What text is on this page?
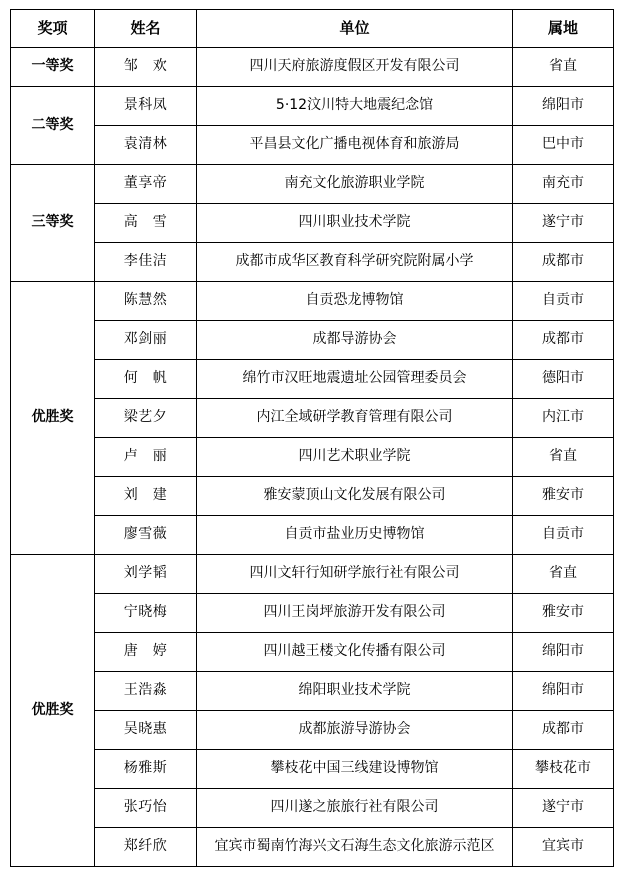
奖项	姓名	单位	属地
一等奖	邹　欢	四川天府旅游度假区开发有限公司	省直
二等奖	景科凤	5·12汶川特大地震纪念馆	绵阳市
	袁清林	平昌县文化广播电视体育和旅游局	巴中市
三等奖	董享帝	南充文化旅游职业学院	南充市
	高　雪	四川职业技术学院	遂宁市
	李佳洁	成都市成华区教育科学研究院附属小学	成都市
优胜奖	陈慧然	自贡恐龙博物馆	自贡市
	邓剑丽	成都导游协会	成都市
	何　帆	绵竹市汉旺地震遗址公园管理委员会	德阳市
	梁艺夕	内江全域研学教育管理有限公司	内江市
	卢　丽	四川艺术职业学院	省直
	刘　建	雅安蒙顶山文化发展有限公司	雅安市
	廖雪薇	自贡市盐业历史博物馆	自贡市
优胜奖	刘学韬	四川文轩行知研学旅行社有限公司	省直
	宁晓梅	四川王岗坪旅游开发有限公司	雅安市
	唐　婷	四川越王楼文化传播有限公司	绵阳市
	王浩淼	绵阳职业技术学院	绵阳市
	吴晓惠	成都旅游导游协会	成都市
	杨雅斯	攀枝花中国三线建设博物馆	攀枝花市
	张巧怡	四川遂之旅旅行社有限公司	遂宁市
	郑纤欣	宜宾市蜀南竹海兴文石海生态文化旅游示范区	宜宾市
